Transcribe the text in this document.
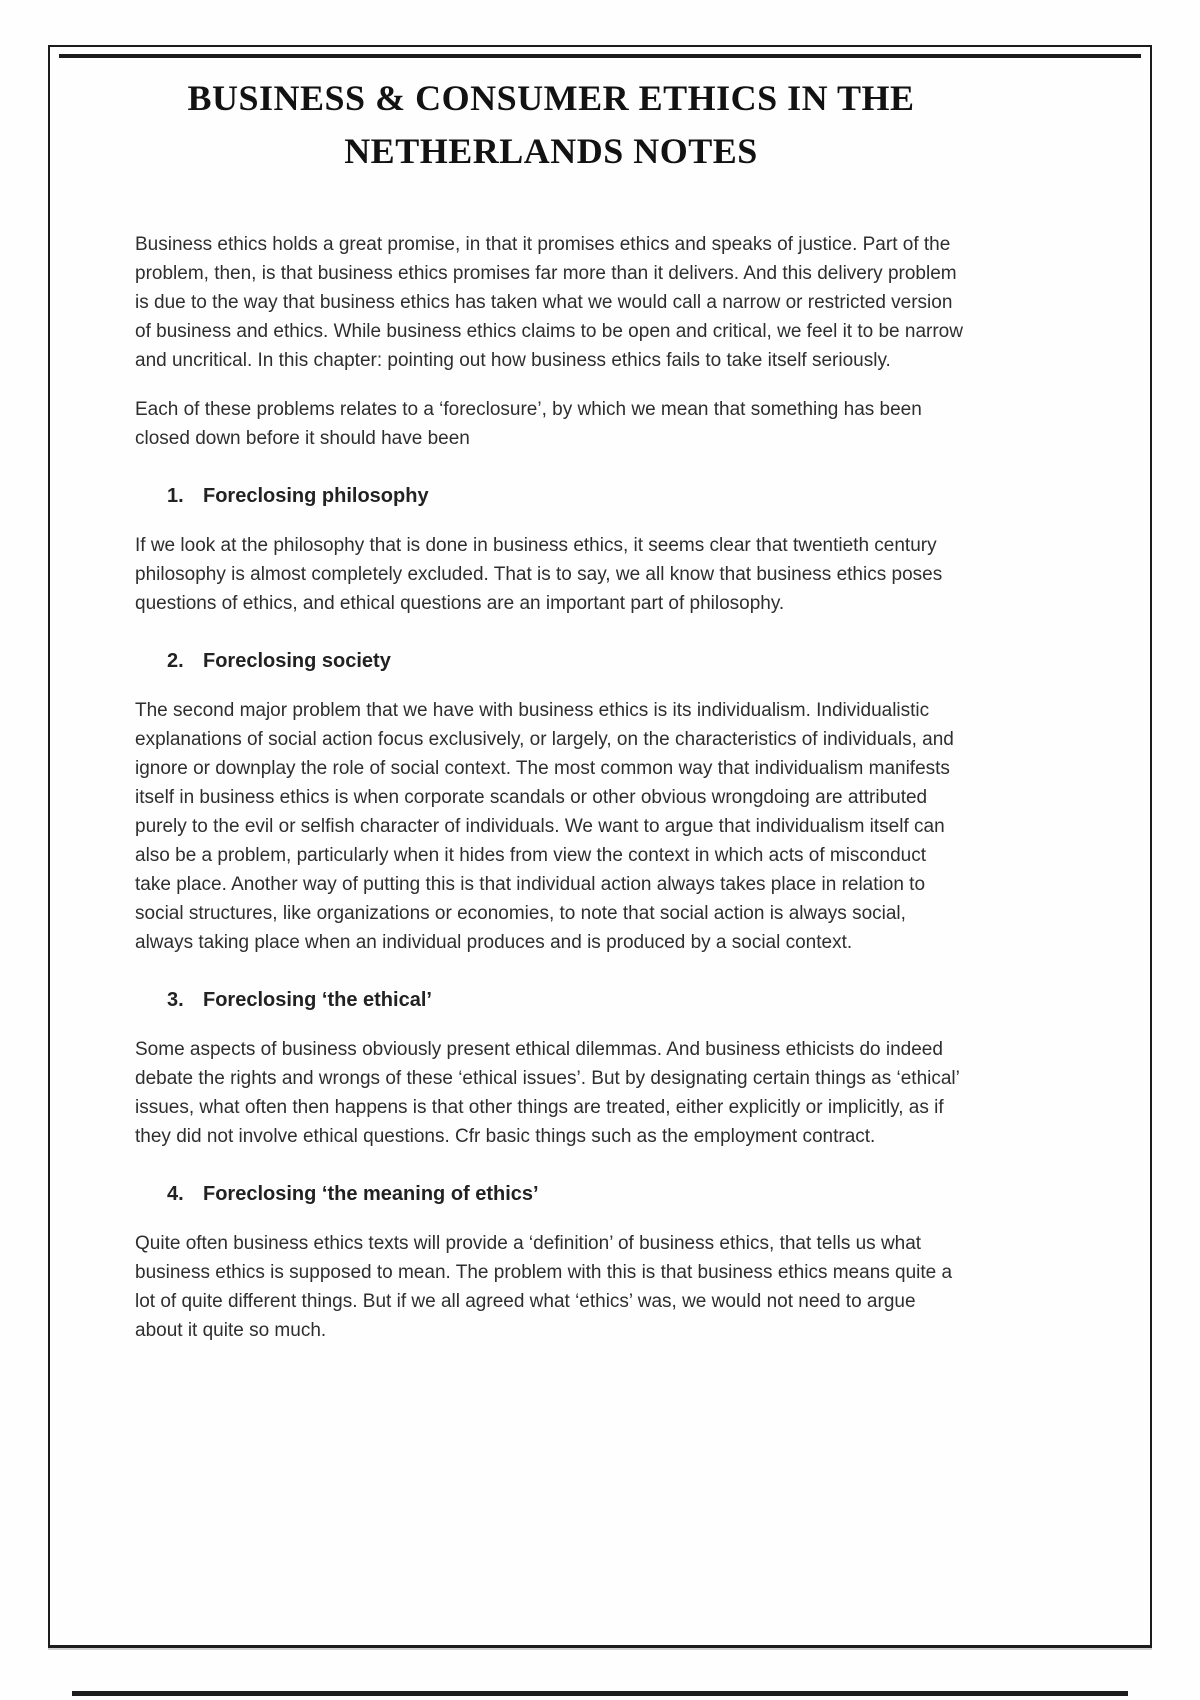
BUSINESS & CONSUMER ETHICS IN THE
NETHERLANDS NOTES

Business ethics holds a great promise, in that it promises ethics and speaks of justice. Part of the problem, then, is that business ethics promises far more than it delivers. And this delivery problem is due to the way that business ethics has taken what we would call a narrow or restricted version of business and ethics. While business ethics claims to be open and critical, we feel it to be narrow and uncritical. In this chapter: pointing out how business ethics fails to take itself seriously.

Each of these problems relates to a ‘foreclosure’, by which we mean that something has been closed down before it should have been

1. Foreclosing philosophy

If we look at the philosophy that is done in business ethics, it seems clear that twentieth century philosophy is almost completely excluded. That is to say, we all know that business ethics poses questions of ethics, and ethical questions are an important part of philosophy.

2. Foreclosing society

The second major problem that we have with business ethics is its individualism. Individualistic explanations of social action focus exclusively, or largely, on the characteristics of individuals, and ignore or downplay the role of social context. The most common way that individualism manifests itself in business ethics is when corporate scandals or other obvious wrongdoing are attributed purely to the evil or selfish character of individuals. We want to argue that individualism itself can also be a problem, particularly when it hides from view the context in which acts of misconduct take place. Another way of putting this is that individual action always takes place in relation to social structures, like organizations or economies, to note that social action is always social, always taking place when an individual produces and is produced by a social context.

3. Foreclosing ‘the ethical’

Some aspects of business obviously present ethical dilemmas. And business ethicists do indeed debate the rights and wrongs of these ‘ethical issues’. But by designating certain things as ‘ethical’ issues, what often then happens is that other things are treated, either explicitly or implicitly, as if they did not involve ethical questions. Cfr basic things such as the employment contract.

4. Foreclosing ‘the meaning of ethics’

Quite often business ethics texts will provide a ‘definition’ of business ethics, that tells us what business ethics is supposed to mean. The problem with this is that business ethics means quite a lot of quite different things. But if we all agreed what ‘ethics’ was, we would not need to argue about it quite so much.
